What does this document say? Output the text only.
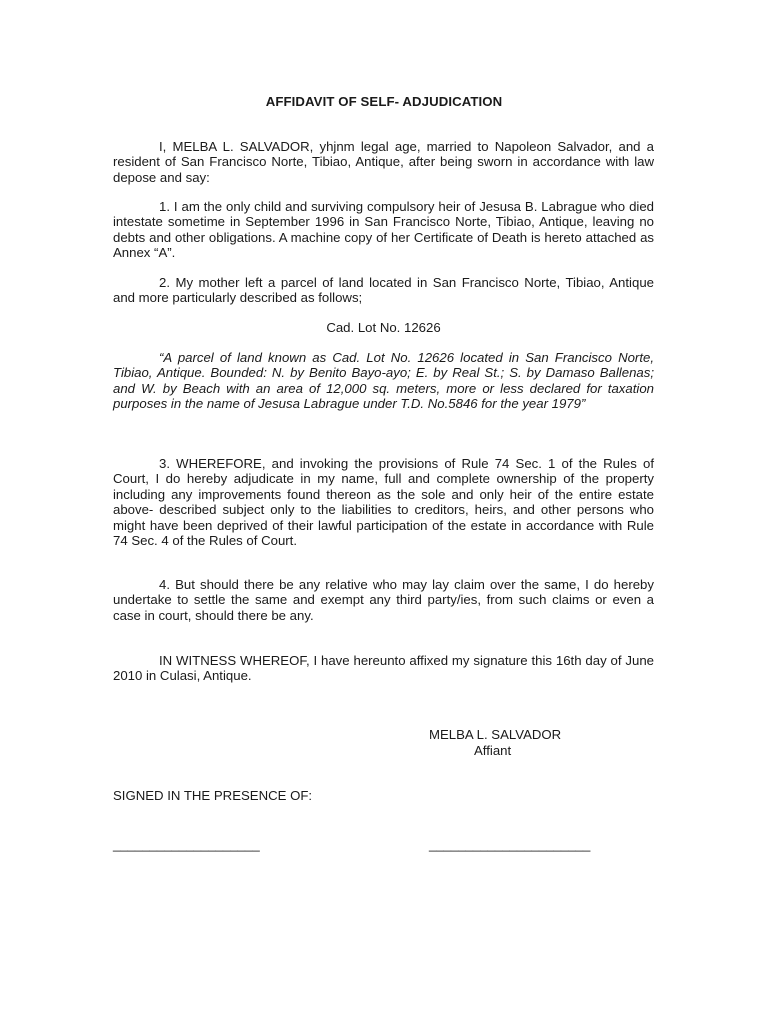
AFFIDAVIT OF SELF- ADJUDICATION

I, MELBA L. SALVADOR, yhjnm legal age, married to Napoleon Salvador, and a resident of San Francisco Norte, Tibiao, Antique, after being sworn in accordance with law depose and say:

1. I am the only child and surviving compulsory heir of Jesusa B. Labrague who died intestate sometime in September 1996 in San Francisco Norte, Tibiao, Antique, leaving no debts and other obligations. A machine copy of her Certificate of Death is hereto attached as Annex “A”.

2. My mother left a parcel of land located in San Francisco Norte, Tibiao, Antique and more particularly described as follows;

Cad. Lot No. 12626

“A parcel of land known as Cad. Lot No. 12626 located in San Francisco Norte, Tibiao, Antique. Bounded: N. by Benito Bayo-ayo; E. by Real St.; S. by Damaso Ballenas; and W. by Beach with an area of 12,000 sq. meters, more or less declared for taxation purposes in the name of Jesusa Labrague under T.D. No.5846 for the year 1979”

3. WHEREFORE, and invoking the provisions of Rule 74 Sec. 1 of the Rules of Court, I do hereby adjudicate in my name, full and complete ownership of the property including any improvements found thereon as the sole and only heir of the entire estate above- described subject only to the liabilities to creditors, heirs, and other persons who might have been deprived of their lawful participation of the estate in accordance with Rule 74 Sec. 4 of the Rules of Court.

4. But should there be any relative who may lay claim over the same, I do hereby undertake to settle the same and exempt any third party/ies, from such claims or even a case in court, should there be any.

IN WITNESS WHEREOF, I have hereunto affixed my signature this 16th day of June 2010 in Culasi, Antique.

MELBA L. SALVADOR
Affiant

SIGNED IN THE PRESENCE OF:

____________________	______________________
